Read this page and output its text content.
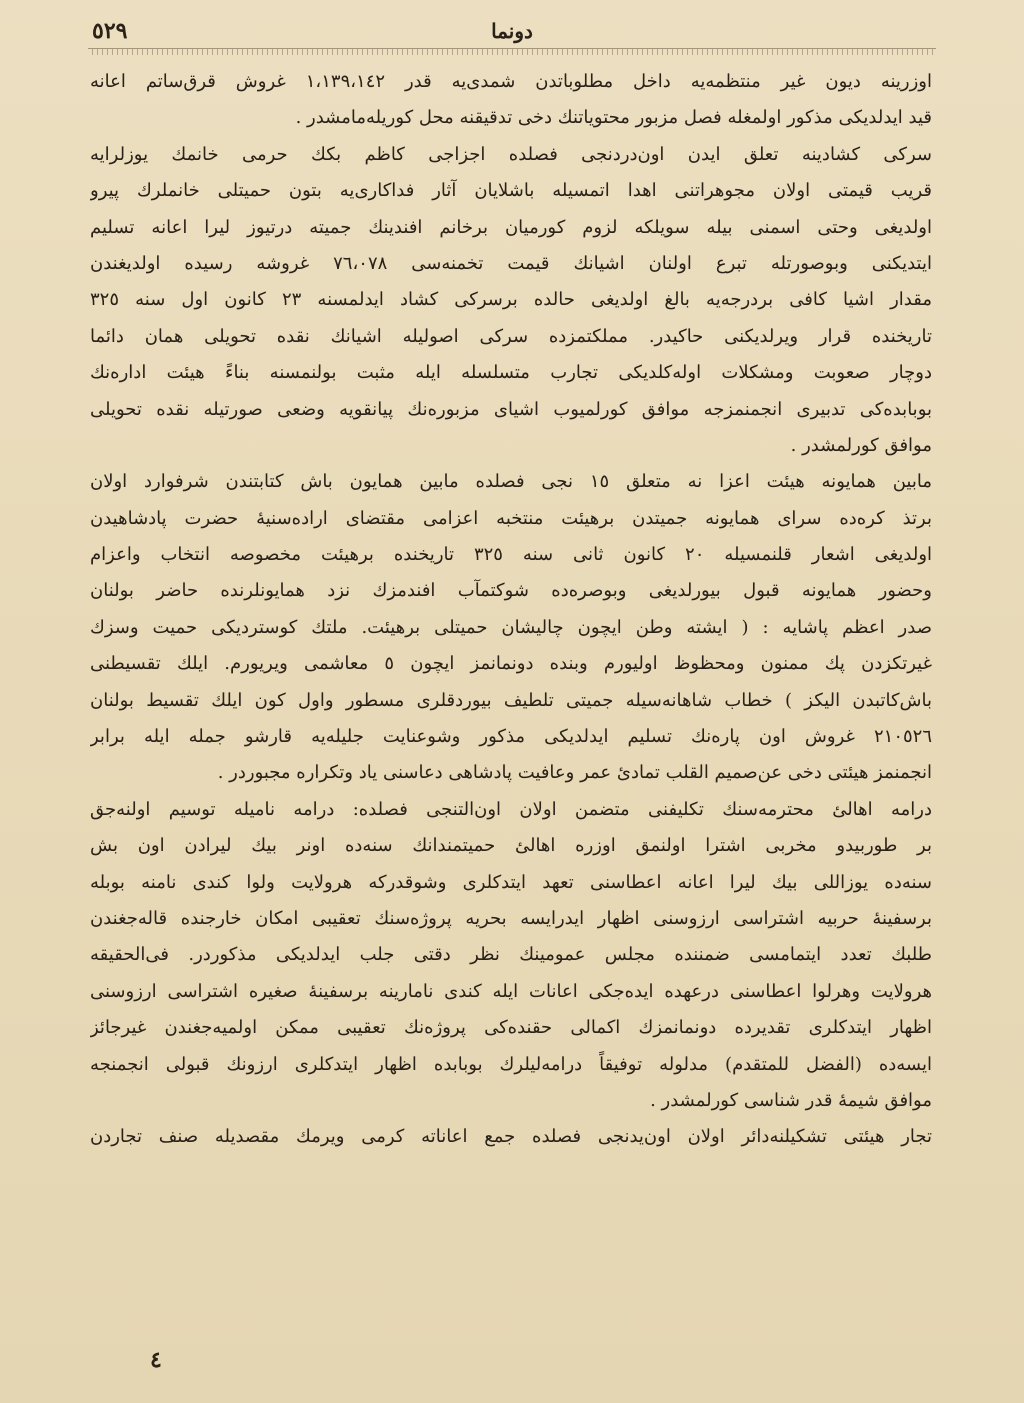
٥٢٩	دونما
اوزرینه دیون غیر منتظمه‌یه داخل مطلوباتدن شمدی‌یه قدر ١،١٣٩،١٤٢ غروش قرق‌ساتم اعانه
قید ایدلدیکی مذکور اولمغله فصل مزبور محتویاتنك دخی تدقیقنه محل کوریله‌مامشدر .
سرکی کشادینه تعلق ایدن اون‌دردنجی فصلده اجزاجی کاظم بکك حرمی خانمك یوزلرایه
قریب قیمتی اولان مجوهراتنی اهدا اتمسیله باشلایان آثار فداکاری‌یه بتون حمیتلی خانملرك پیرو
اولدیغی وحتی اسمنی بیله سویلکه لزوم کورمیان برخانم افندینك جمیته درتیوز لیرا اعانه تسلیم
ایتدیکنی وبوصورتله تبرع اولنان اشیانك قیمت تخمنه‌سی ٧٦،٠٧٨ غروشه رسیده اولدیغندن
مقدار اشیا کافی بردرجه‌یه بالغ اولدیغی حالده برسرکی کشاد ایدلمسنه ٢٣ کانون اول سنه ٣٢٥
تاریخنده قرار ویرلدیکنی حاکیدر. مملکتمزده سرکی اصولیله اشیانك نقده تحویلی همان دائما
دوچار صعوبت ومشکلات اوله‌کلدیکی تجارب متسلسله ایله مثبت بولنمسنه بناءً هیئت ادارەنك
بوبابده‌کی تدبیری انجمنمزجه موافق کورلمیوب اشیای مزبوره‌نك پیانقویه وضعی صورتیله نقده تحویلی
موافق کورلمشدر .
مابین همایونه هیئت اعزا نه متعلق ١٥ نجی فصلده مابین همایون باش کتابتندن شرفوارد اولان
برتذ کره‌ده سرای همایونه جمیتدن برهیئت منتخبه اعزامی مقتضای اراده‌سنیهٔ حضرت پادشاهیدن
اولدیغی اشعار قلنمسیله ٢٠ کانون ثانی سنه ٣٢٥ تاریخنده برهیئت مخصوصه انتخاب واعزام
وحضور همایونه قبول بیورلدیغی وبوصره‌ده شوکتمآب افندمزك نزد همایونلرنده حاضر بولنان
صدر اعظم پاشایه : ( ایشته وطن ایچون چالیشان حمیتلی برهیئت. ملتك کوستردیکی حمیت وسزك
غیرتکزدن پك ممنون ومحظوظ اولیورم وبنده دونمانمز ایچون ٥ معاشمی ویریورم. ایلك تقسیطنی
باش‌کاتبدن الیکز ) خطاب شاهانه‌سیله جمیتی تلطیف بیوردقلری مسطور واول کون ایلك تقسیط بولنان
٢١٠٥٢٦ غروش اون پاره‌نك تسلیم ایدلدیکی مذکور وشوعنایت جلیله‌یه قارشو جمله ایله برابر
انجمنمز هیئتی دخی عن‌صمیم القلب تمادیٔ عمر وعافیت پادشاهی دعاسنی یاد وتکراره مجبوردر .
درامه اهالئ محترمه‌سنك تکلیفنی متضمن اولان اون‌التنجی فصلده: درامه نامیله توسیم اولنه‌جق
بر طوربیدو مخربی اشترا اولنمق اوزره اهالئ حمیتمندانك سنه‌ده اونر بیك لیرادن اون بش
سنه‌ده یوزاللی بیك لیرا اعانه اعطاسنی تعهد ایتدکلری وشوقدرکه هرولایت ولوا کندی نامنه بوبله
برسفینهٔ حربیه اشتراسی ارزوسنی اظهار ایدرایسه بحریه پروژه‌سنك تعقیبی امکان خارجنده قاله‌جغندن
طلبك تعدد ایتمامسی ضمننده مجلس عمومینك نظر دقتی جلب ایدلدیکی مذکوردر. فی‌الحقیقه
هرولایت وهرلوا اعطاسنی درعهده ایده‌جکی اعانات ایله کندی نامارینه برسفینهٔ صغیره اشتراسی ارزوسنی
اظهار ایتدکلری تقدیرده دونمانمزك اکمالی حقنده‌کی پروژه‌نك تعقیبی ممکن اولمیه‌جغندن غیرجائز
ایسه‌ده (الفضل للمتقدم) مدلوله توفیقاً درامه‌لیلرك بوبابده اظهار ایتدکلری ارزونك قبولی انجمنجه
موافق شیمهٔ قدر شناسی کورلمشدر .
تجار هیئتی تشکیلنه‌دائر اولان اون‌یدنجی فصلده جمع اعاناته کرمی ویرمك مقصدیله صنف تجاردن
٤
